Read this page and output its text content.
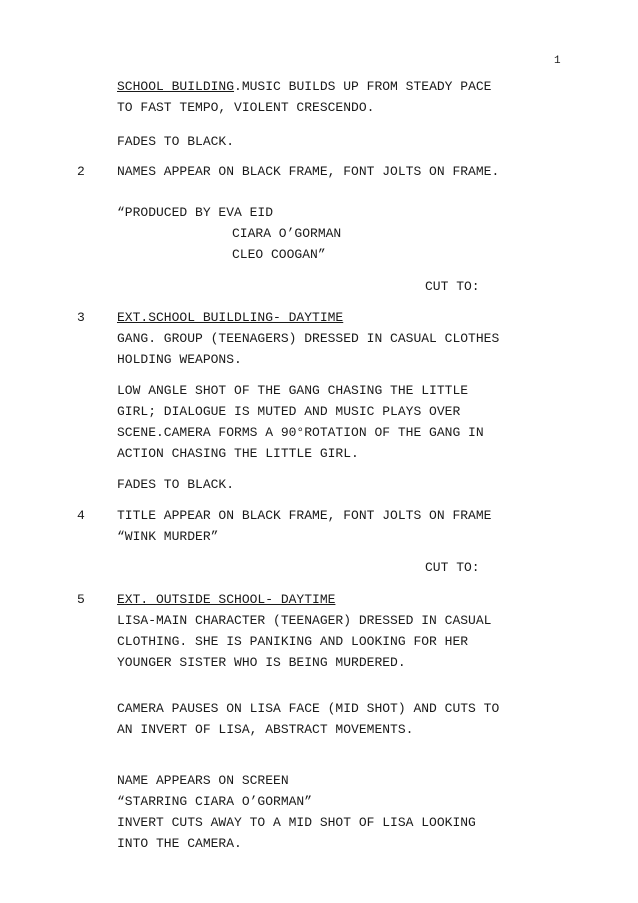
1
SCHOOL BUILDING.MUSIC BUILDS UP FROM STEADY PACE
TO FAST TEMPO, VIOLENT CRESCENDO.
FADES TO BLACK.
2 NAMES APPEAR ON BLACK FRAME, FONT JOLTS ON FRAME.
“PRODUCED BY EVA EID
CIARA O’GORMAN
CLEO COOGAN”
CUT TO:
3 EXT.SCHOOL BUILDLING- DAYTIME
GANG. GROUP (TEENAGERS) DRESSED IN CASUAL CLOTHES
HOLDING WEAPONS.
LOW ANGLE SHOT OF THE GANG CHASING THE LITTLE
GIRL; DIALOGUE IS MUTED AND MUSIC PLAYS OVER
SCENE.CAMERA FORMS A 90°ROTATION OF THE GANG IN
ACTION CHASING THE LITTLE GIRL.
FADES TO BLACK.
4 TITLE APPEAR ON BLACK FRAME, FONT JOLTS ON FRAME
“WINK MURDER”
CUT TO:
5 EXT. OUTSIDE SCHOOL- DAYTIME
LISA-MAIN CHARACTER (TEENAGER) DRESSED IN CASUAL
CLOTHING. SHE IS PANIKING AND LOOKING FOR HER
YOUNGER SISTER WHO IS BEING MURDERED.
CAMERA PAUSES ON LISA FACE (MID SHOT) AND CUTS TO
AN INVERT OF LISA, ABSTRACT MOVEMENTS.
NAME APPEARS ON SCREEN
“STARRING CIARA O’GORMAN”
INVERT CUTS AWAY TO A MID SHOT OF LISA LOOKING
INTO THE CAMERA.
